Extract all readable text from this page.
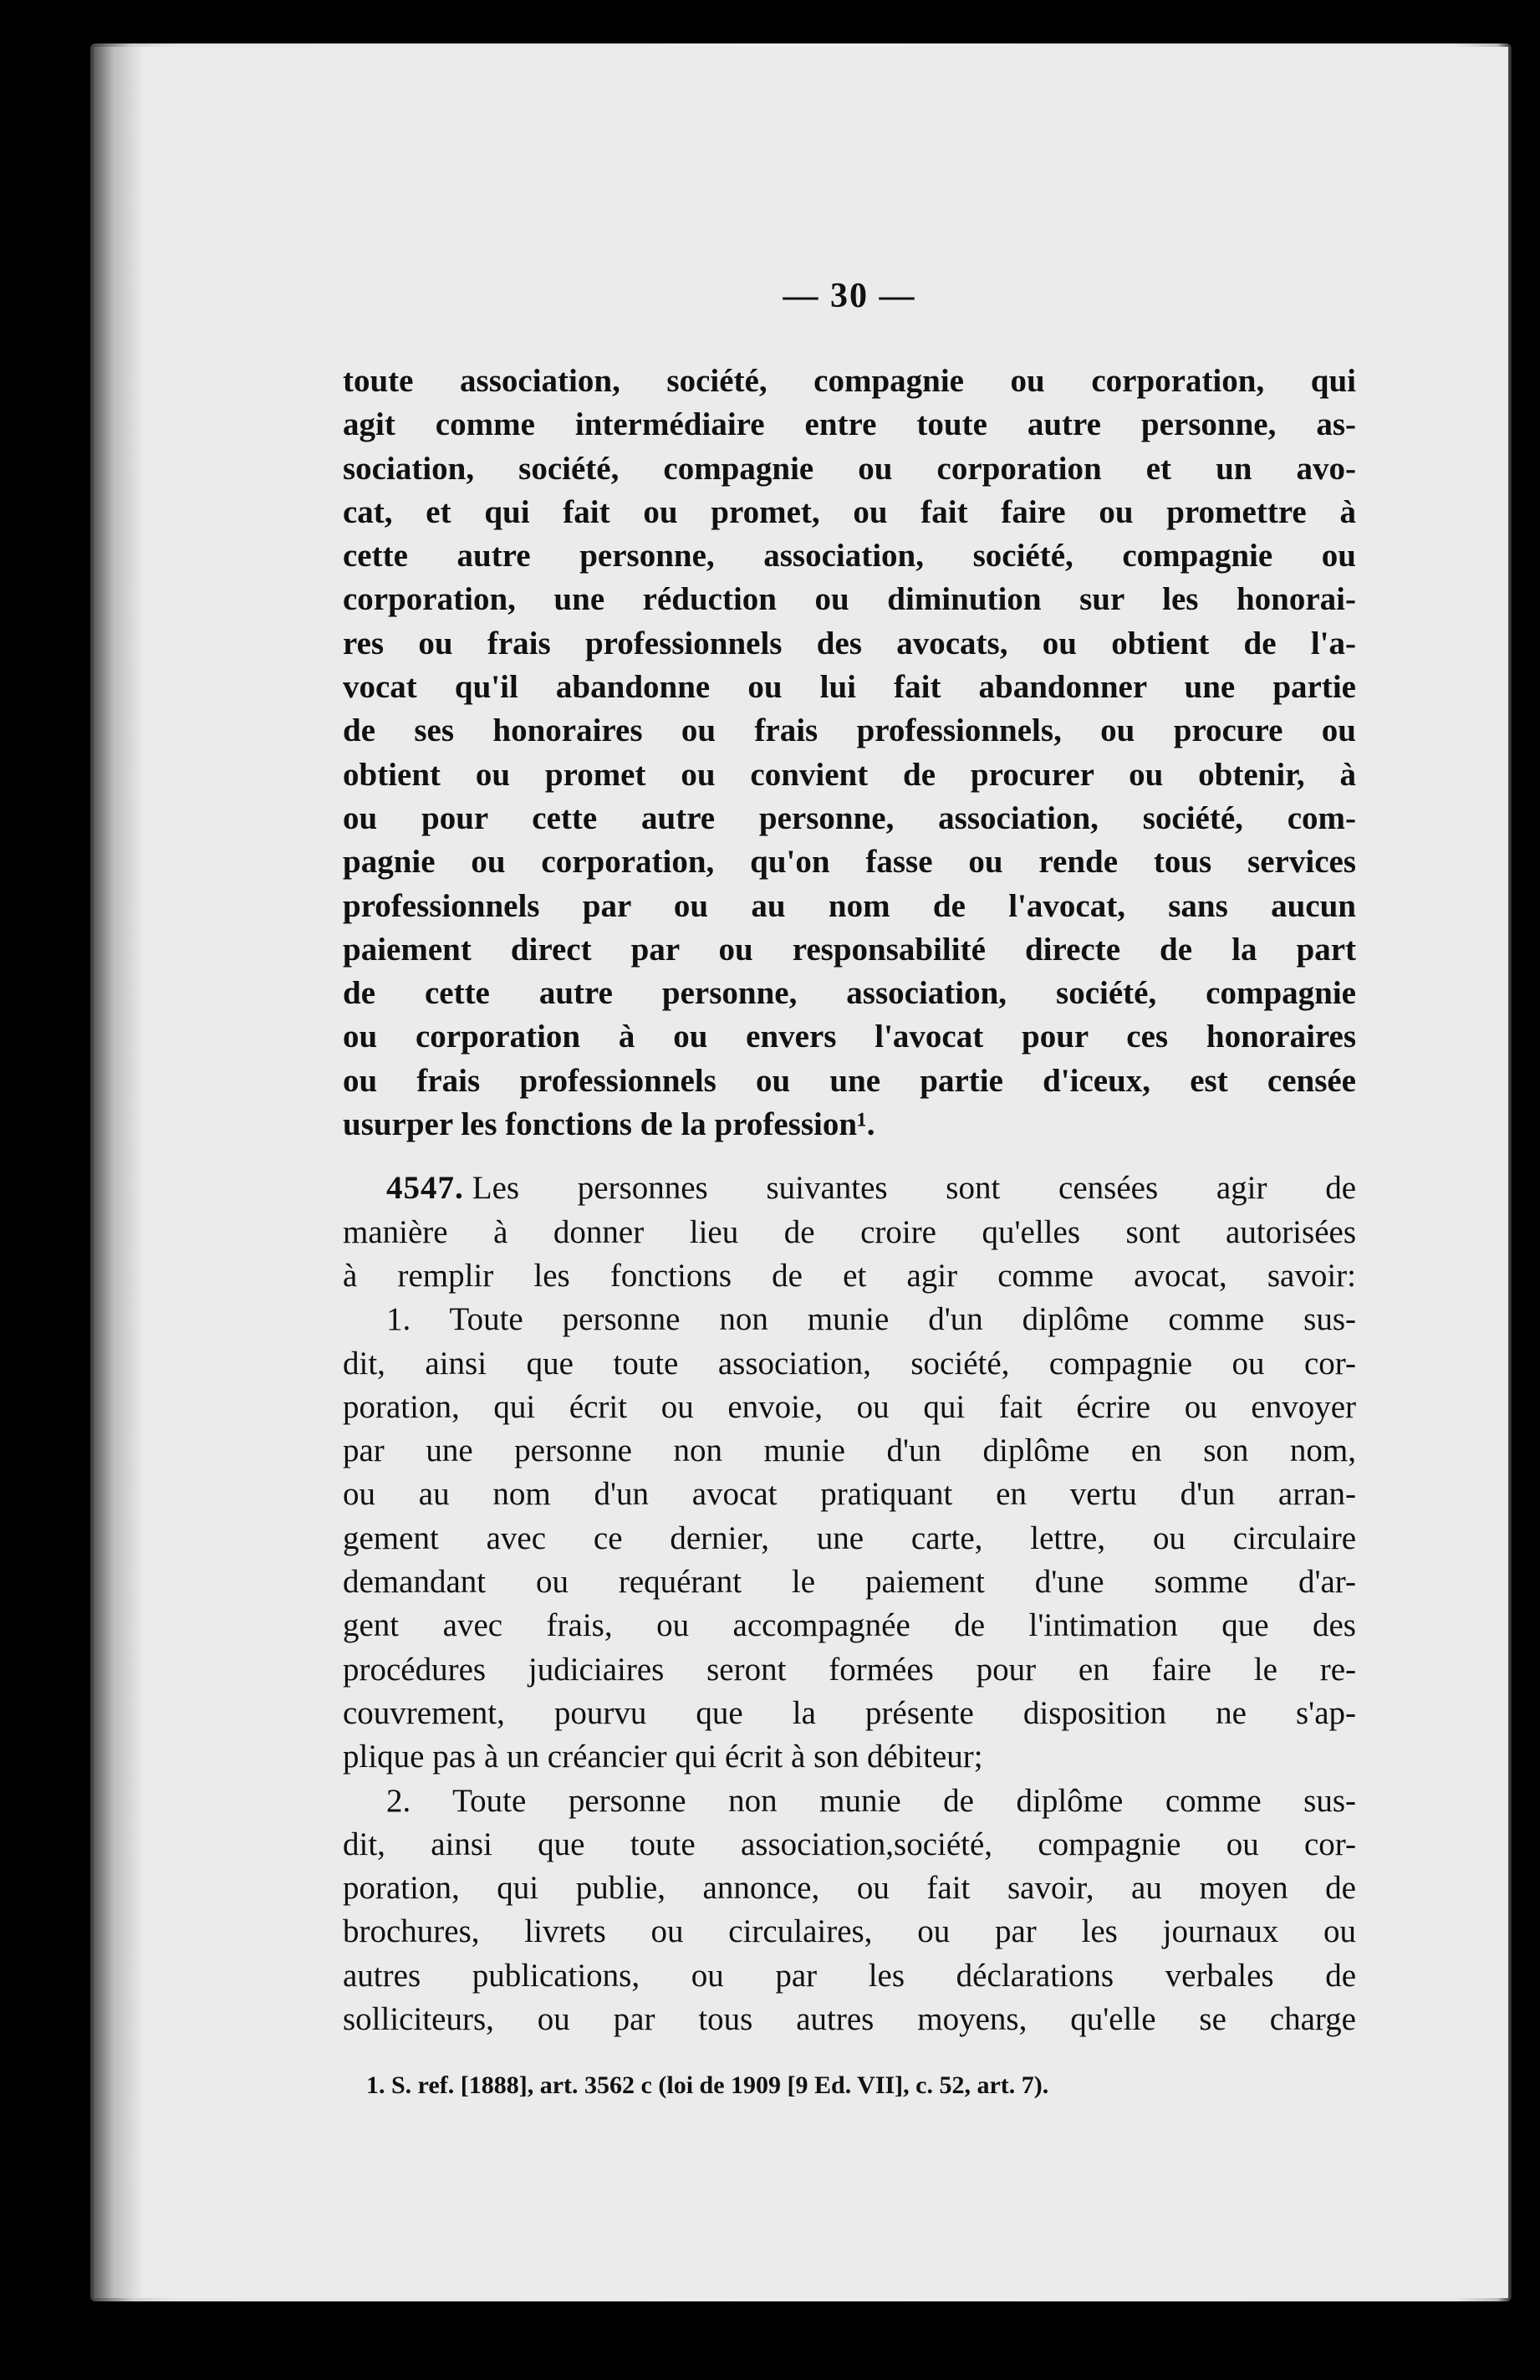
— 30 —
toute association, société, compagnie ou corporation, qui
agit comme intermédiaire entre toute autre personne, as-
sociation, société, compagnie ou corporation et un avo-
cat, et qui fait ou promet, ou fait faire ou promettre à
cette autre personne, association, société, compagnie ou
corporation, une réduction ou diminution sur les honorai-
res ou frais professionnels des avocats, ou obtient de l'a-
vocat qu'il abandonne ou lui fait abandonner une partie
de ses honoraires ou frais professionnels, ou procure ou
obtient ou promet ou convient de procurer ou obtenir, à
ou pour cette autre personne, association, société, com-
pagnie ou corporation, qu'on fasse ou rende tous services
professionnels par ou au nom de l'avocat, sans aucun
paiement direct par ou responsabilité directe de la part
de cette autre personne, association, société, compagnie
ou corporation à ou envers l'avocat pour ces honoraires
ou frais professionnels ou une partie d'iceux, est censée
usurper les fonctions de la profession¹.
4547. Les personnes suivantes sont censées agir de
manière à donner lieu de croire qu'elles sont autorisées
à remplir les fonctions de et agir comme avocat, savoir:
1. Toute personne non munie d'un diplôme comme sus-
dit, ainsi que toute association, société, compagnie ou cor-
poration, qui écrit ou envoie, ou qui fait écrire ou envoyer
par une personne non munie d'un diplôme en son nom,
ou au nom d'un avocat pratiquant en vertu d'un arran-
gement avec ce dernier, une carte, lettre, ou circulaire
demandant ou requérant le paiement d'une somme d'ar-
gent avec frais, ou accompagnée de l'intimation que des
procédures judiciaires seront formées pour en faire le re-
couvrement, pourvu que la présente disposition ne s'ap-
plique pas à un créancier qui écrit à son débiteur;
2. Toute personne non munie de diplôme comme sus-
dit, ainsi que toute association,société, compagnie ou cor-
poration, qui publie, annonce, ou fait savoir, au moyen de
brochures, livrets ou circulaires, ou par les journaux ou
autres publications, ou par les déclarations verbales de
solliciteurs, ou par tous autres moyens, qu'elle se charge
1. S. ref. [1888], art. 3562 c (loi de 1909 [9 Ed. VII], c. 52, art. 7).
